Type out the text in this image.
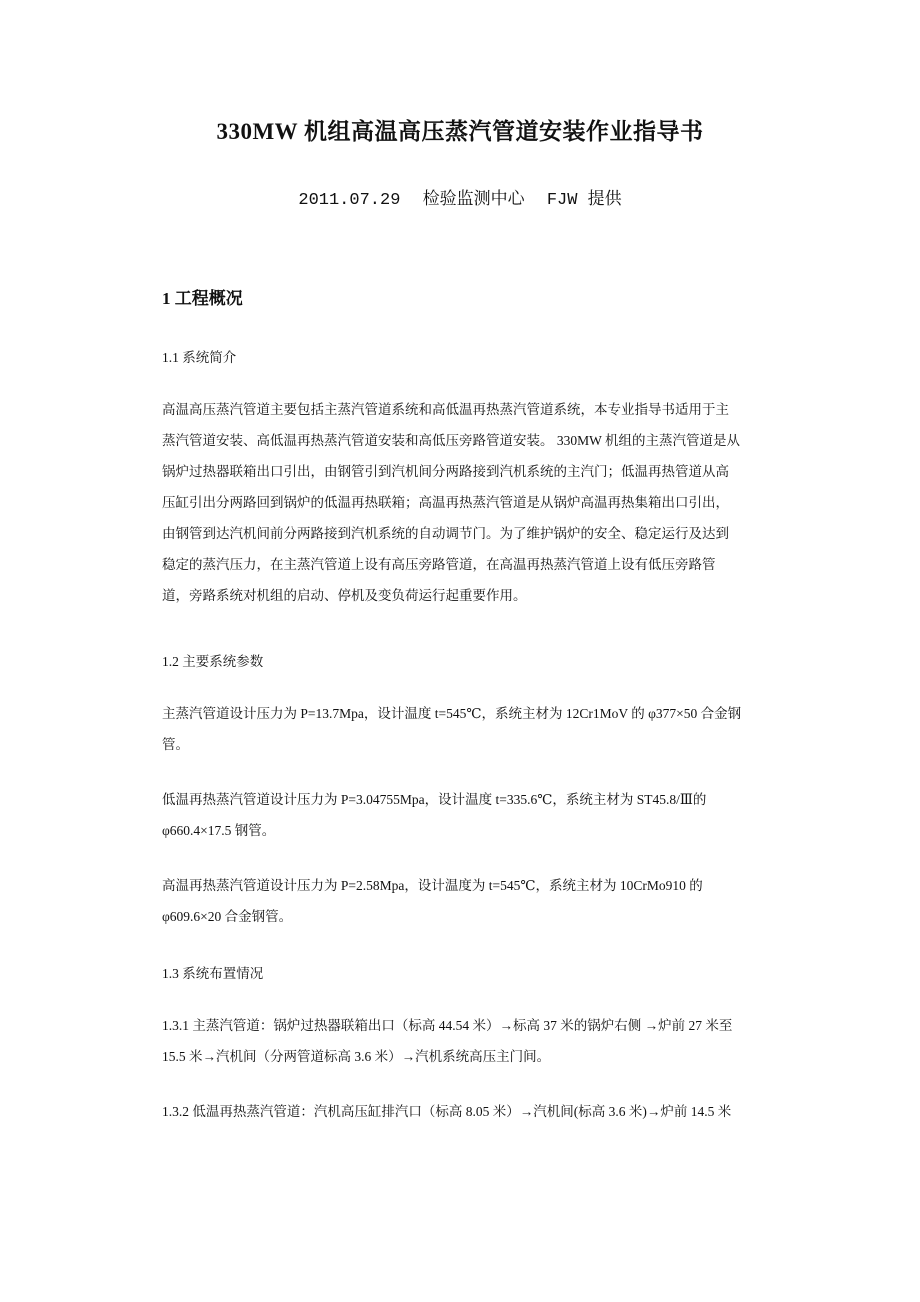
330MW 机组高温高压蒸汽管道安装作业指导书
2011.07.29 检验监测中心 FJW 提供
1 工程概况
1.1 系统简介
高温高压蒸汽管道主要包括主蒸汽管道系统和高低温再热蒸汽管道系统，本专业指导书适用于主
蒸汽管道安装、高低温再热蒸汽管道安装和高低压旁路管道安装。 330MW 机组的主蒸汽管道是从
锅炉过热器联箱出口引出，由钢管引到汽机间分两路接到汽机系统的主汽门；低温再热管道从高
压缸引出分两路回到锅炉的低温再热联箱；高温再热蒸汽管道是从锅炉高温再热集箱出口引出，
由钢管到达汽机间前分两路接到汽机系统的自动调节门。为了维护锅炉的安全、稳定运行及达到
稳定的蒸汽压力，在主蒸汽管道上设有高压旁路管道，在高温再热蒸汽管道上设有低压旁路管
道，旁路系统对机组的启动、停机及变负荷运行起重要作用。
1.2 主要系统参数
主蒸汽管道设计压力为 P=13.7Mpa，设计温度 t=545℃，系统主材为 12Cr1MoV 的 φ377×50 合金钢
管。
低温再热蒸汽管道设计压力为 P=3.04755Mpa，设计温度 t=335.6℃，系统主材为 ST45.8/Ⅲ的
φ660.4×17.5 钢管。
高温再热蒸汽管道设计压力为 P=2.58Mpa，设计温度为 t=545℃，系统主材为 10CrMo910 的
φ609.6×20 合金钢管。
1.3 系统布置情况
1.3.1 主蒸汽管道：锅炉过热器联箱出口（标高 44.54 米）→标高 37 米的锅炉右侧 →炉前 27 米至
15.5 米→汽机间（分两管道标高 3.6 米）→汽机系统高压主门间。
1.3.2 低温再热蒸汽管道：汽机高压缸排汽口（标高 8.05 米）→汽机间(标高 3.6 米)→炉前 14.5 米
